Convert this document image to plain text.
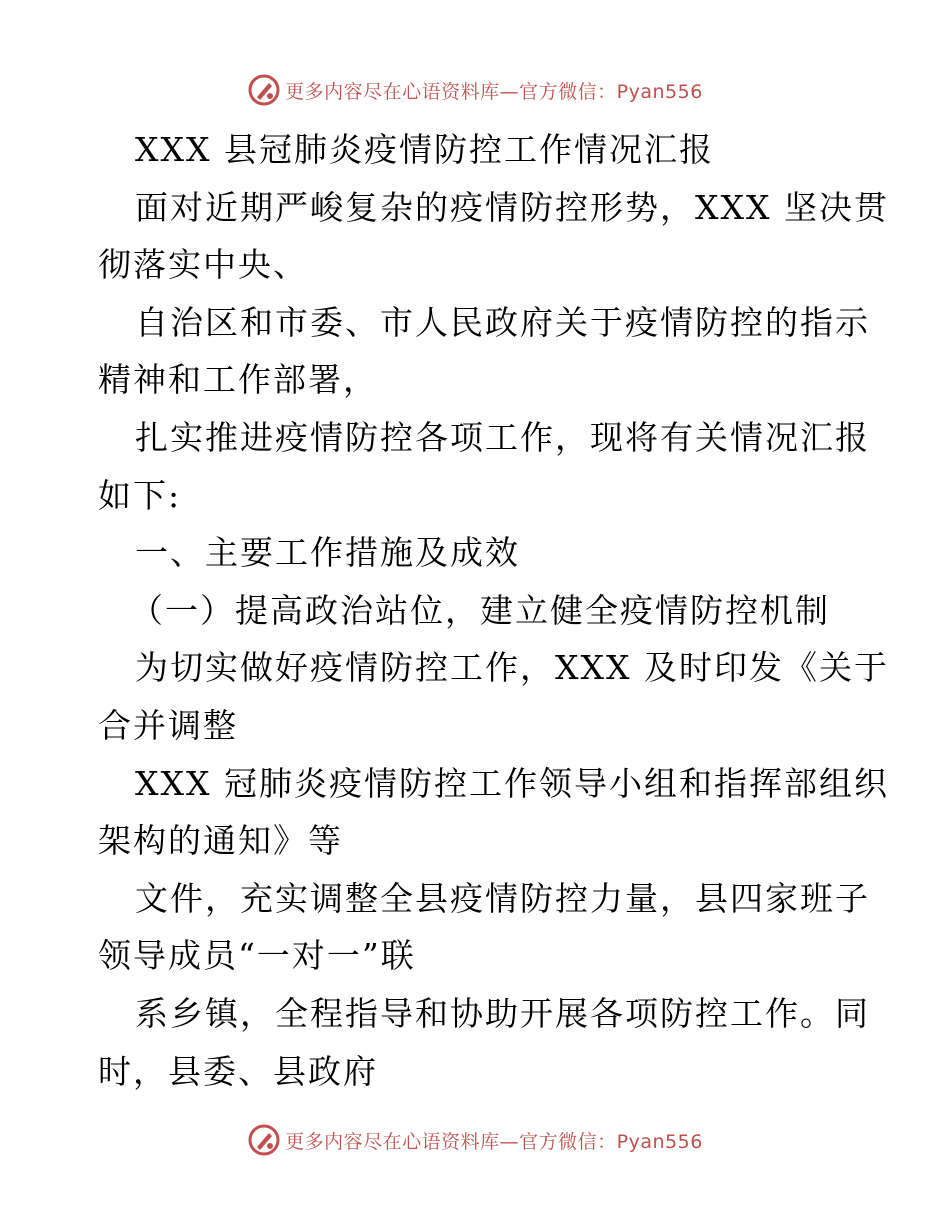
更多内容尽在心语资料库—官方微信：Pyan556
XXX 县冠肺炎疫情防控工作情况汇报
面对近期严峻复杂的疫情防控形势，XXX 坚决贯
彻落实中央、
自治区和市委、市人民政府关于疫情防控的指示
精神和工作部署，
扎实推进疫情防控各项工作，现将有关情况汇报
如下:
一、主要工作措施及成效
（一）提高政治站位，建立健全疫情防控机制
为切实做好疫情防控工作，XXX 及时印发《关于
合并调整
XXX 冠肺炎疫情防控工作领导小组和指挥部组织
架构的通知》等
文件，充实调整全县疫情防控力量，县四家班子
领导成员“一对一”联
系乡镇，全程指导和协助开展各项防控工作。同
时，县委、县政府
更多内容尽在心语资料库—官方微信：Pyan556
